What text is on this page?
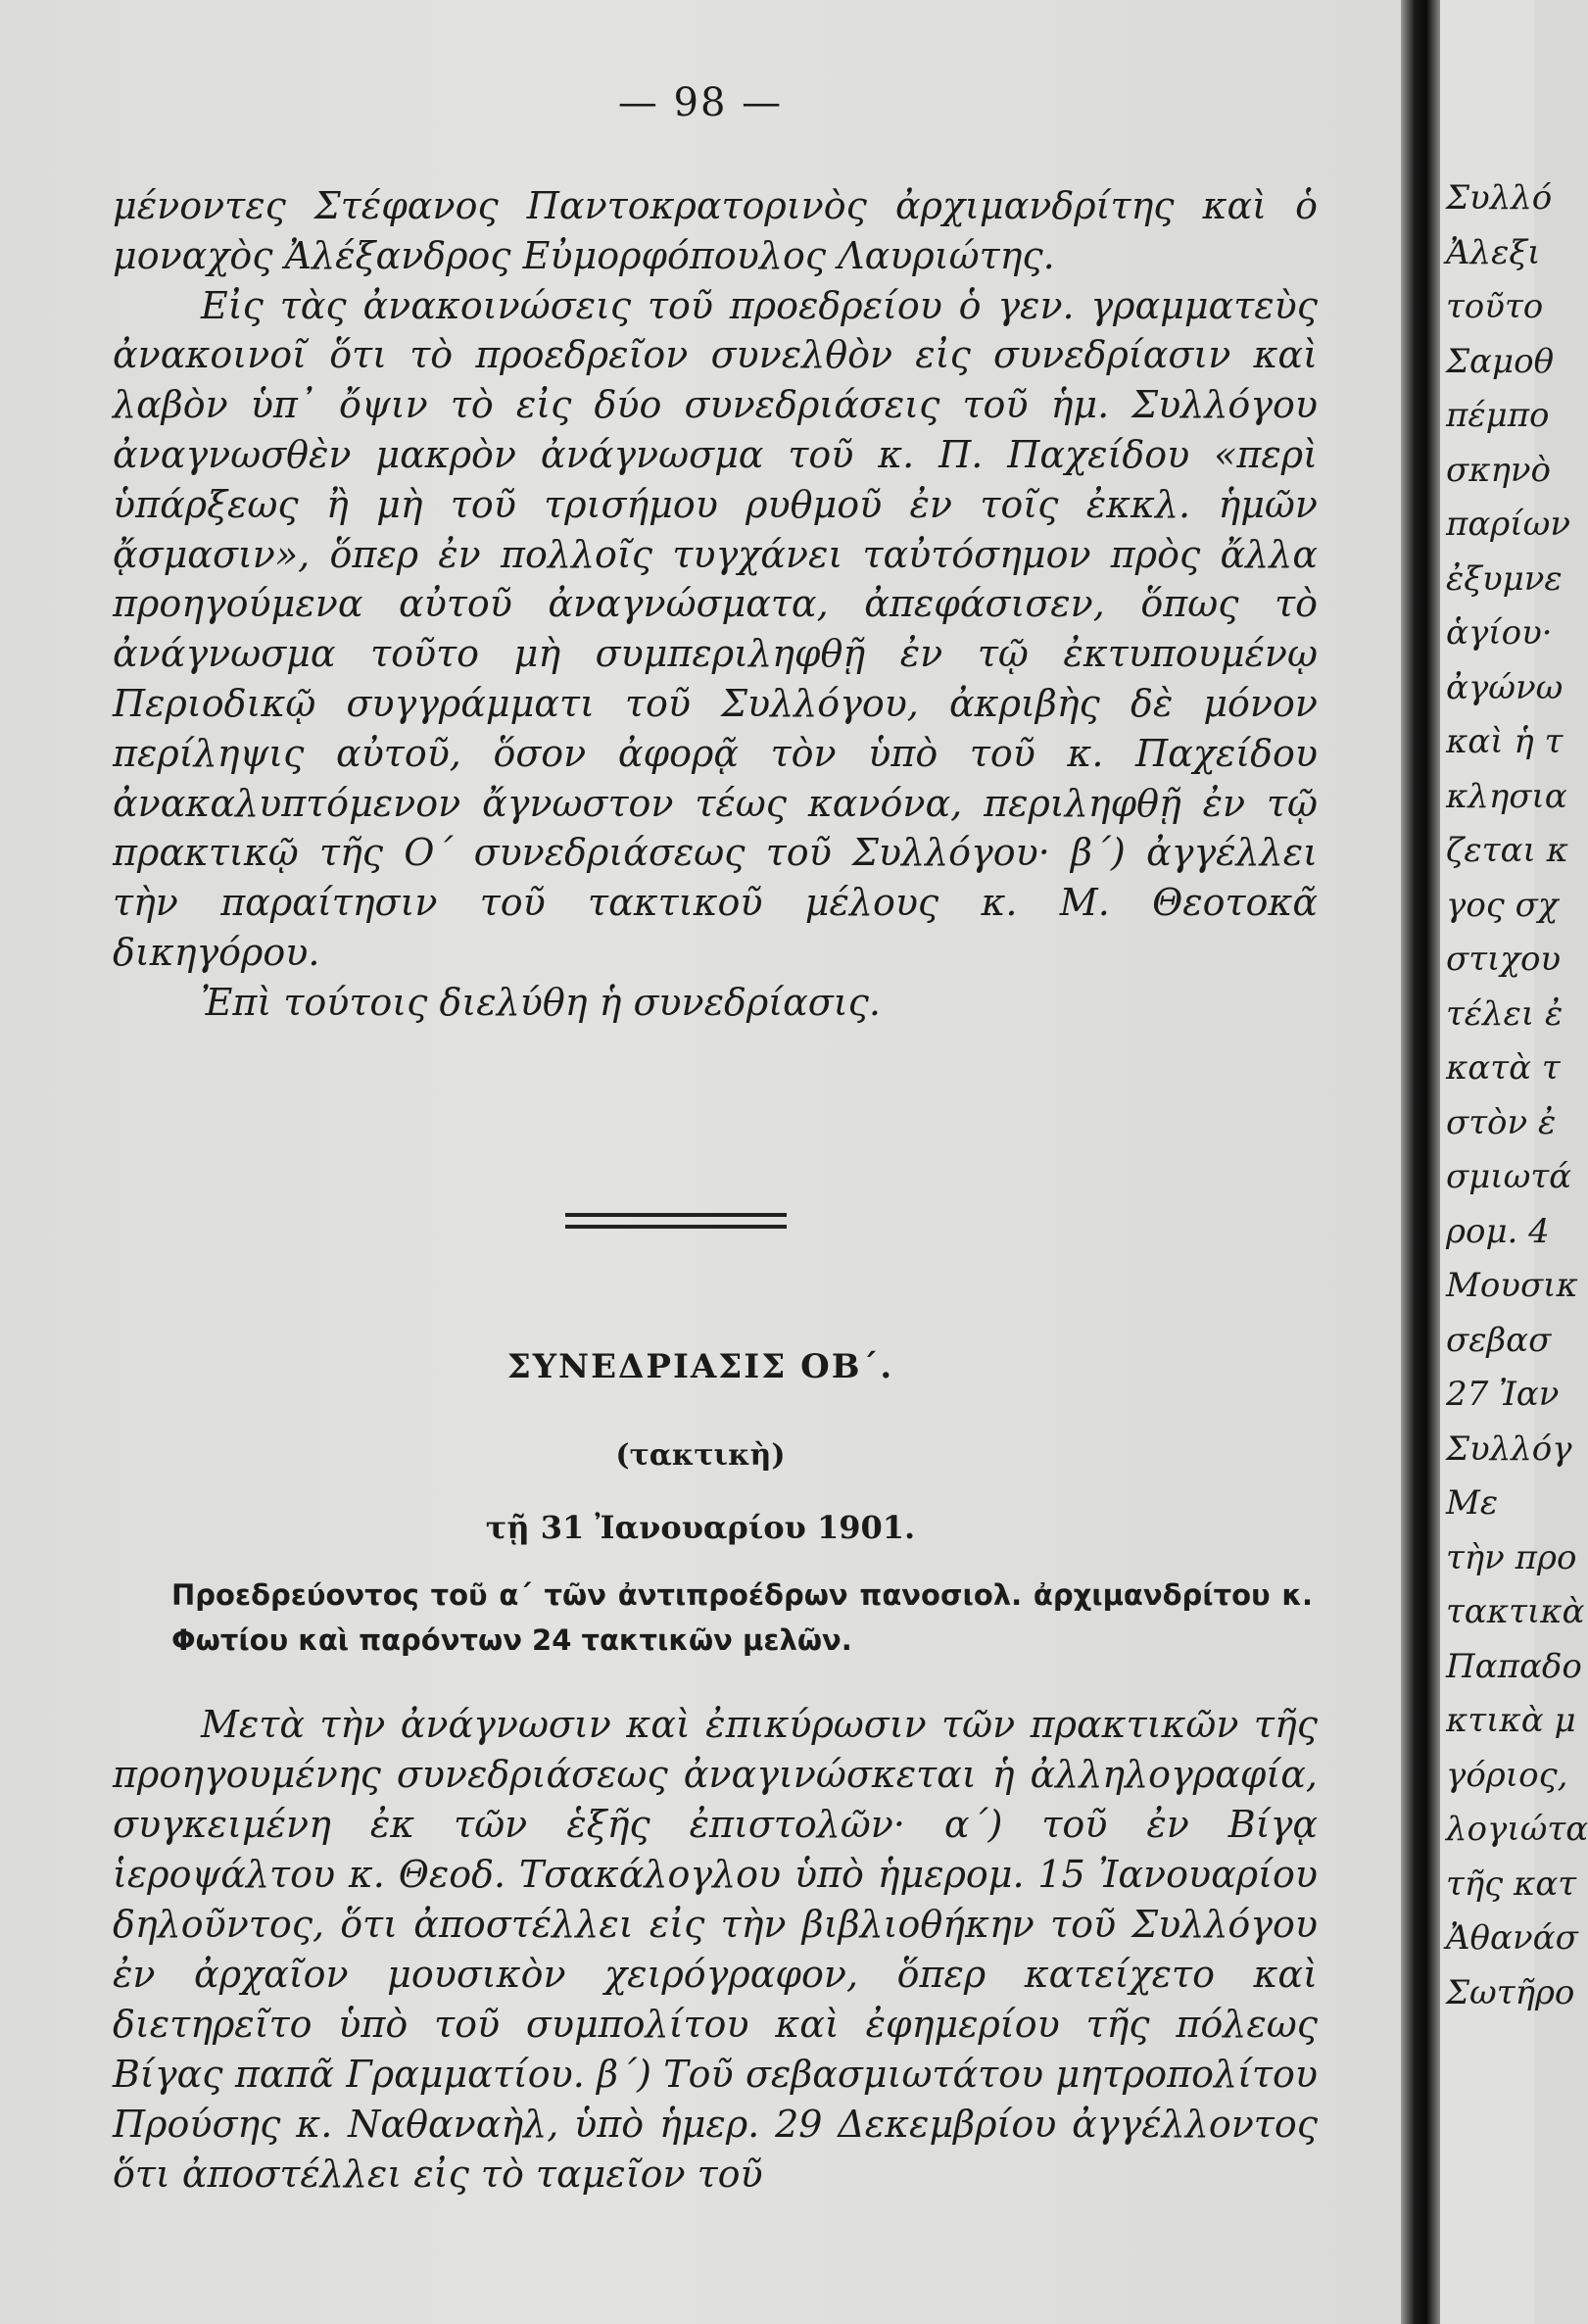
— 98 —

μένοντες Στέφανος Παντοκρατορινὸς ἀρχιμανδρίτης καὶ ὁ μοναχὸς Ἀλέξανδρος Εὐμορφόπουλος Λαυριώτης.

Εἰς τὰς ἀνακοινώσεις τοῦ προεδρείου ὁ γεν. γραμματεὺς ἀνακοινοῖ ὅτι τὸ προεδρεῖον συνελθὸν εἰς συνεδρίασιν καὶ λαβὸν ὑπ᾽ ὄψιν τὸ εἰς δύο συνεδριάσεις τοῦ ἡμ. Συλλόγου ἀναγνωσθὲν μακρὸν ἀνάγνωσμα τοῦ κ. Π. Παχείδου «περὶ ὑπάρξεως ἢ μὴ τοῦ τρισήμου ρυθμοῦ ἐν τοῖς ἐκκλ. ἡμῶν ᾄσμασιν», ὅπερ ἐν πολλοῖς τυγχάνει ταὐτόσημον πρὸς ἄλλα προηγούμενα αὐτοῦ ἀναγνώσματα, ἀπεφάσισεν, ὅπως τὸ ἀνάγνωσμα τοῦτο μὴ συμπεριληφθῇ ἐν τῷ ἐκτυπουμένῳ Περιοδικῷ συγγράμματι τοῦ Συλλόγου, ἀκριβὴς δὲ μόνον περίληψις αὐτοῦ, ὅσον ἀφορᾷ τὸν ὑπὸ τοῦ κ. Παχείδου ἀνακαλυπτόμενον ἄγνωστον τέως κανόνα, περιληφθῇ ἐν τῷ πρακτικῷ τῆς Ο´ συνεδριάσεως τοῦ Συλλόγου· β´) ἀγγέλλει τὴν παραίτησιν τοῦ τακτικοῦ μέλους κ. Μ. Θεοτοκᾶ δικηγόρου.

Ἐπὶ τούτοις διελύθη ἡ συνεδρίασις.

ΣΥΝΕΔΡΙΑΣΙΣ ΟΒ´.
(τακτικὴ)
τῇ 31 Ἰανουαρίου 1901.

Προεδρεύοντος τοῦ α´ τῶν ἀντιπροέδρων πανοσιολ. ἀρχιμανδρίτου κ. Φωτίου καὶ παρόντων 24 τακτικῶν μελῶν.

Μετὰ τὴν ἀνάγνωσιν καὶ ἐπικύρωσιν τῶν πρακτικῶν τῆς προηγουμένης συνεδριάσεως ἀναγινώσκεται ἡ ἀλληλογραφία, συγκειμένη ἐκ τῶν ἑξῆς ἐπιστολῶν· α´) τοῦ ἐν Βίγᾳ ἱεροψάλτου κ. Θεοδ. Τσακάλογλου ὑπὸ ἡμερομ. 15 Ἰανουαρίου δηλοῦντος, ὅτι ἀποστέλλει εἰς τὴν βιβλιοθήκην τοῦ Συλλόγου ἐν ἀρχαῖον μουσικὸν χειρόγραφον, ὅπερ κατείχετο καὶ διετηρεῖτο ὑπὸ τοῦ συμπολίτου καὶ ἐφημερίου τῆς πόλεως Βίγας παπᾶ Γραμματίου. β´) Τοῦ σεβασμιωτάτου μητροπολίτου Προύσης κ. Ναθαναὴλ, ὑπὸ ἡμερ. 29 Δεκεμβρίου ἀγγέλλοντος ὅτι ἀποστέλλει εἰς τὸ ταμεῖον τοῦ

Συλλό
Ἀλεξι
τοῦτο
Σαμοθ
πέμπο
σκηνὸ
παρίων
ἐξυμνε
ἁγίου·
ἀγώνω
καὶ ἡ τ
κλησια
ζεται κ
γος σχ
στιχου
τέλει ἐ
κατὰ τ
στὸν ἐ
σμιωτά
ρομ. 4
Μουσικ
σεβασ
27 Ἰαν
Συλλόγ
Με
τὴν προ
τακτικὰ
Παπαδο
κτικὰ μ
γόριος,
λογιώτα
τῆς κατ
Ἀθανάσ
Σωτῆρο
